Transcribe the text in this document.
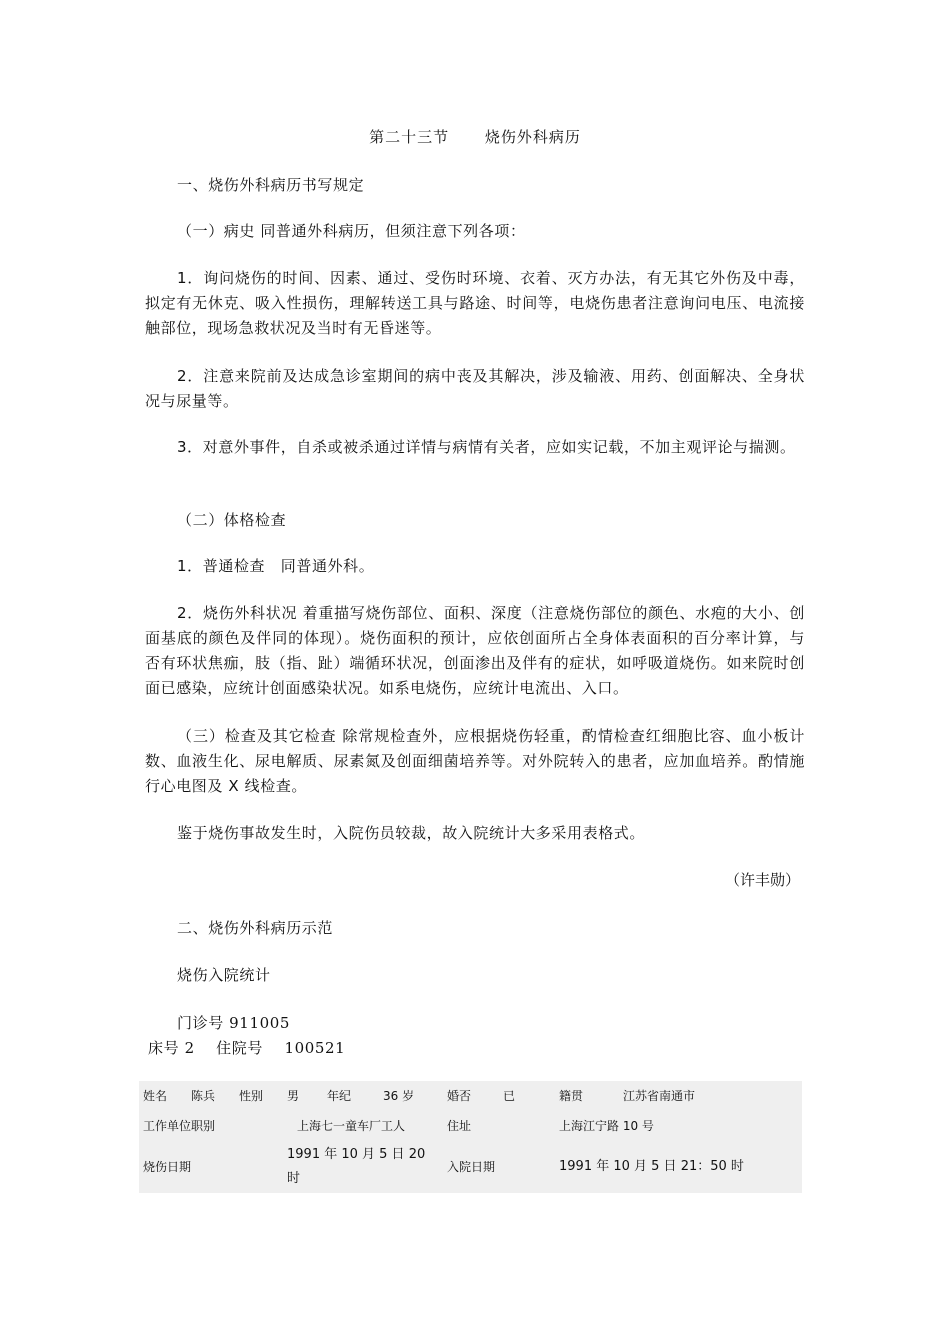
第二十三节　 烧伤外科病历
一、烧伤外科病历书写规定
（一）病史 同普通外科病历，但须注意下列各项：
1．询问烧伤的时间、因素、通过、受伤时环境、衣着、灭方办法，有无其它外伤及中毒，拟定有无休克、吸入性损伤，理解转送工具与路途、时间等，电烧伤患者注意询问电压、电流接触部位，现场急救状况及当时有无昏迷等。
2．注意来院前及达成急诊室期间的病中丧及其解决，涉及输液、用药、创面解决、全身状况与尿量等。
3．对意外事件，自杀或被杀通过详情与病情有关者，应如实记载，不加主观评论与揣测。
（二）体格检查
1．普通检查　同普通外科。
2．烧伤外科状况 着重描写烧伤部位、面积、深度（注意烧伤部位的颜色、水疱的大小、创面基底的颜色及伴同的体现）。烧伤面积的预计，应依创面所占全身体表面积的百分率计算，与否有环状焦痂，肢（指、趾）端循环状况，创面渗出及伴有的症状，如呼吸道烧伤。如来院时创面已感染，应统计创面感染状况。如系电烧伤，应统计电流出、入口。
（三）检查及其它检查 除常规检查外，应根据烧伤轻重，酌情检查红细胞比容、血小板计数、血液生化、尿电解质、尿素氮及创面细菌培养等。对外院转入的患者，应加血培养。酌情施行心电图及 X 线检查。
鉴于烧伤事故发生时，入院伤员较裁，故入院统计大多采用表格式。
（许丰勋）
二、烧伤外科病历示范
烧伤入院统计
门诊号 911005
床号 2    住院号    100521
姓名	陈兵	性别	男	年纪	36 岁	婚否	已	籍贯	江苏省南通市
工作单位职别			上海七一童车厂工人			住址		上海江宁路 10 号	
烧伤日期			1991 年 10 月 5 日 20 时			入院日期		1991 年 10 月 5 日 21：50 时	
